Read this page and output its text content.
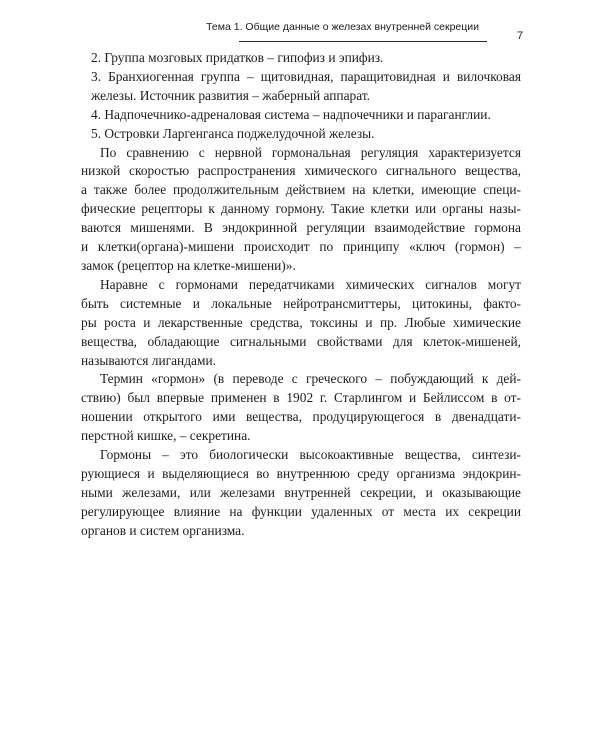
Тема 1. Общие данные о железах внутренней секреции
7
2. Группа мозговых придатков – гипофиз и эпифиз.
3. Бранхиогенная группа – щитовидная, паращитовидная и вилочковая
железы. Источник развития – жаберный аппарат.
4. Надпочечнико-адреналовая система – надпочечники и параганглии.
5. Островки Ларгенганса поджелудочной железы.
По сравнению с нервной гормональная регуляция характеризуется
низкой скоростью распространения химического сигнального вещества,
а также более продолжительным действием на клетки, имеющие специ-
фические рецепторы к данному гормону. Такие клетки или органы назы-
ваются мишенями. В эндокринной регуляции взаимодействие гормона
и клетки(органа)-мишени происходит по принципу «ключ (гормон) –
замок (рецептор на клетке-мишени)».
Наравне с гормонами передатчиками химических сигналов могут
быть системные и локальные нейротрансмиттеры, цитокины, факто-
ры роста и лекарственные средства, токсины и пр. Любые химические
вещества, обладающие сигнальными свойствами для клеток-мишеней,
называются лигандами.
Термин «гормон» (в переводе с греческого – побуждающий к дей-
ствию) был впервые применен в 1902 г. Старлингом и Бейлиссом в от-
ношении открытого ими вещества, продуцирующегося в двенадцати-
перстной кишке, – секретина.
Гормоны – это биологически высокоактивные вещества, синтези-
рующиеся и выделяющиеся во внутреннюю среду организма эндокрин-
ными железами, или железами внутренней секреции, и оказывающие
регулирующее влияние на функции удаленных от места их секреции
органов и систем организма.
